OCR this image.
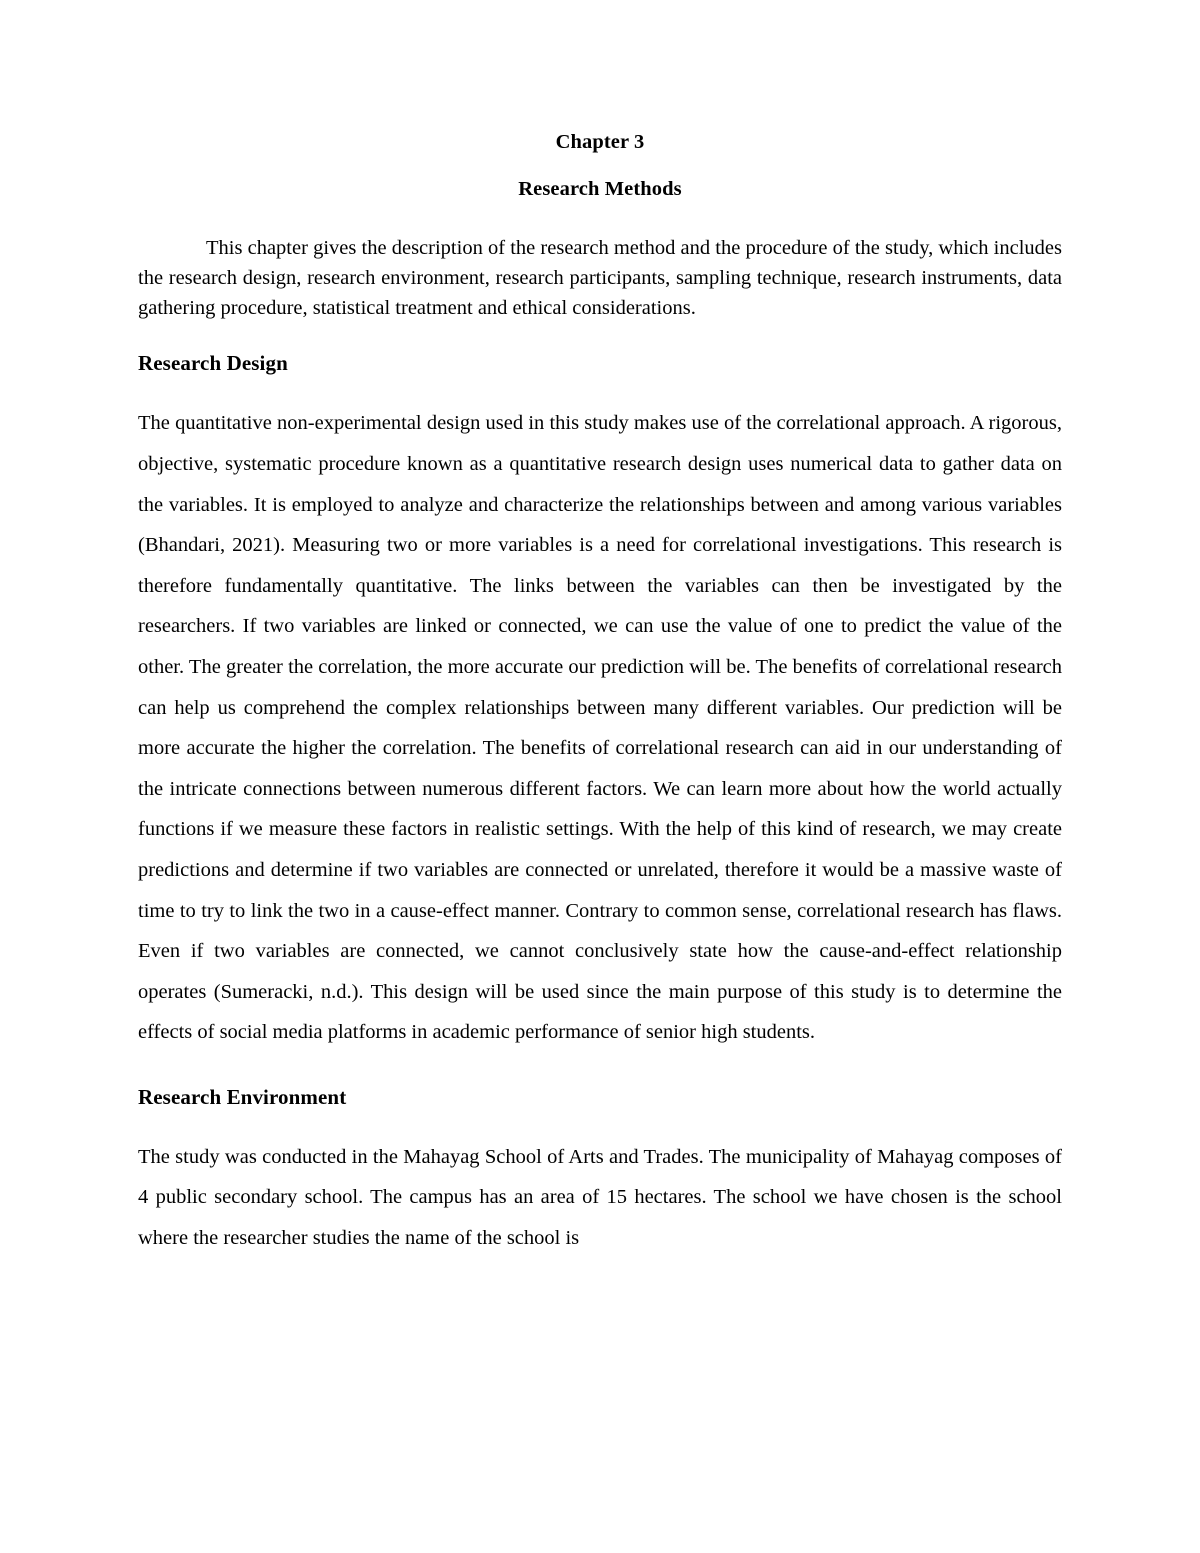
Chapter 3
Research Methods

This chapter gives the description of the research method and the procedure of the study, which includes the research design, research environment, research participants, sampling technique, research instruments, data gathering procedure, statistical treatment and ethical considerations.

Research Design

The quantitative non-experimental design used in this study makes use of the correlational approach. A rigorous, objective, systematic procedure known as a quantitative research design uses numerical data to gather data on the variables. It is employed to analyze and characterize the relationships between and among various variables (Bhandari, 2021). Measuring two or more variables is a need for correlational investigations. This research is therefore fundamentally quantitative. The links between the variables can then be investigated by the researchers. If two variables are linked or connected, we can use the value of one to predict the value of the other. The greater the correlation, the more accurate our prediction will be. The benefits of correlational research can help us comprehend the complex relationships between many different variables. Our prediction will be more accurate the higher the correlation. The benefits of correlational research can aid in our understanding of the intricate connections between numerous different factors. We can learn more about how the world actually functions if we measure these factors in realistic settings. With the help of this kind of research, we may create predictions and determine if two variables are connected or unrelated, therefore it would be a massive waste of time to try to link the two in a cause-effect manner. Contrary to common sense, correlational research has flaws. Even if two variables are connected, we cannot conclusively state how the cause-and-effect relationship operates (Sumeracki, n.d.). This design will be used since the main purpose of this study is to determine the effects of social media platforms in academic performance of senior high students.

Research Environment

The study was conducted in the Mahayag School of Arts and Trades. The municipality of Mahayag composes of 4 public secondary school. The campus has an area of 15 hectares. The school we have chosen is the school where the researcher studies the name of the school is
